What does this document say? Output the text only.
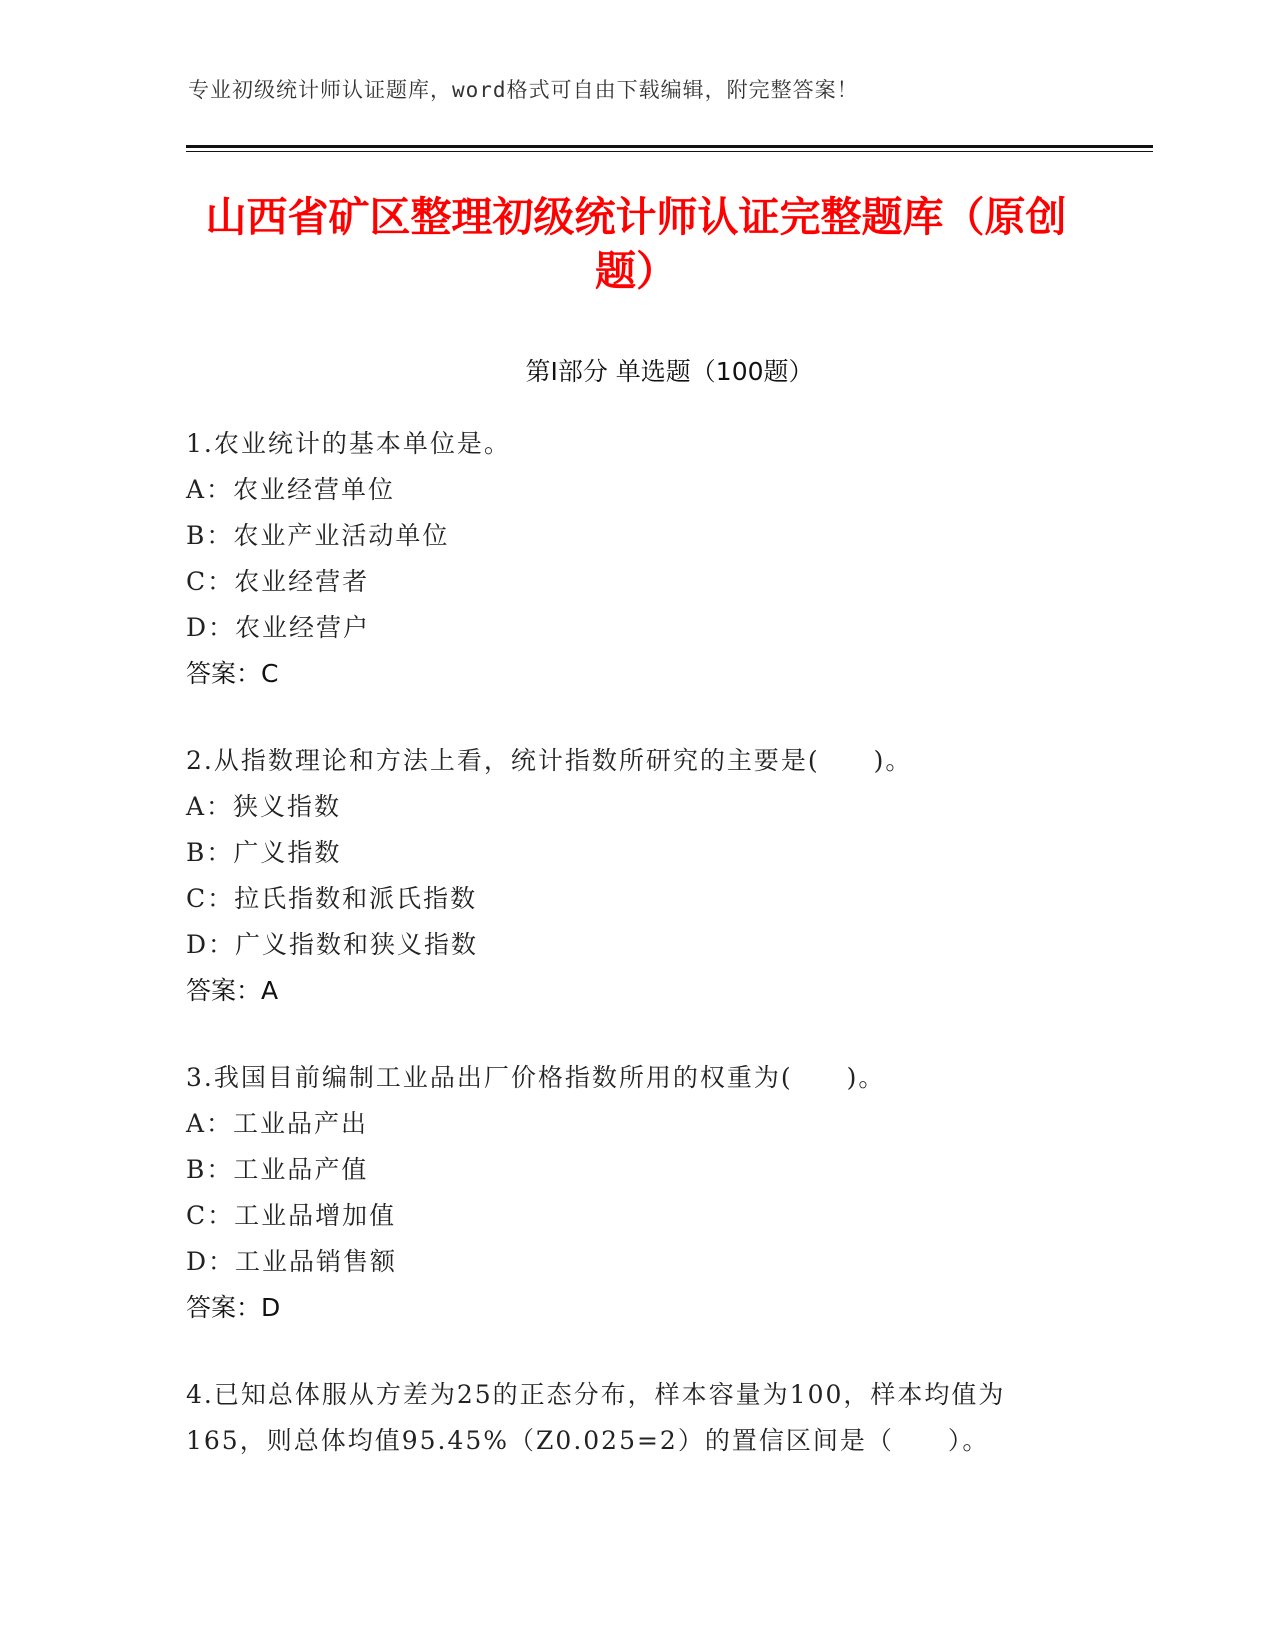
专业初级统计师认证题库，word格式可自由下载编辑，附完整答案！
山西省矿区整理初级统计师认证完整题库（原创题）
第I部分 单选题（100题）

1.农业统计的基本单位是。

A：农业经营单位

B：农业产业活动单位

C：农业经营者

D：农业经营户

答案：C

2.从指数理论和方法上看，统计指数所研究的主要是(　　)。

A：狭义指数

B：广义指数

C：拉氏指数和派氏指数

D：广义指数和狭义指数

答案：A

3.我国目前编制工业品出厂价格指数所用的权重为(　　)。

A：工业品产出

B：工业品产值

C：工业品增加值

D：工业品销售额

答案：D

4.已知总体服从方差为25的正态分布，样本容量为100，样本均值为165，则总体均值95.45%（Z0.025=2）的置信区间是（　　）。
